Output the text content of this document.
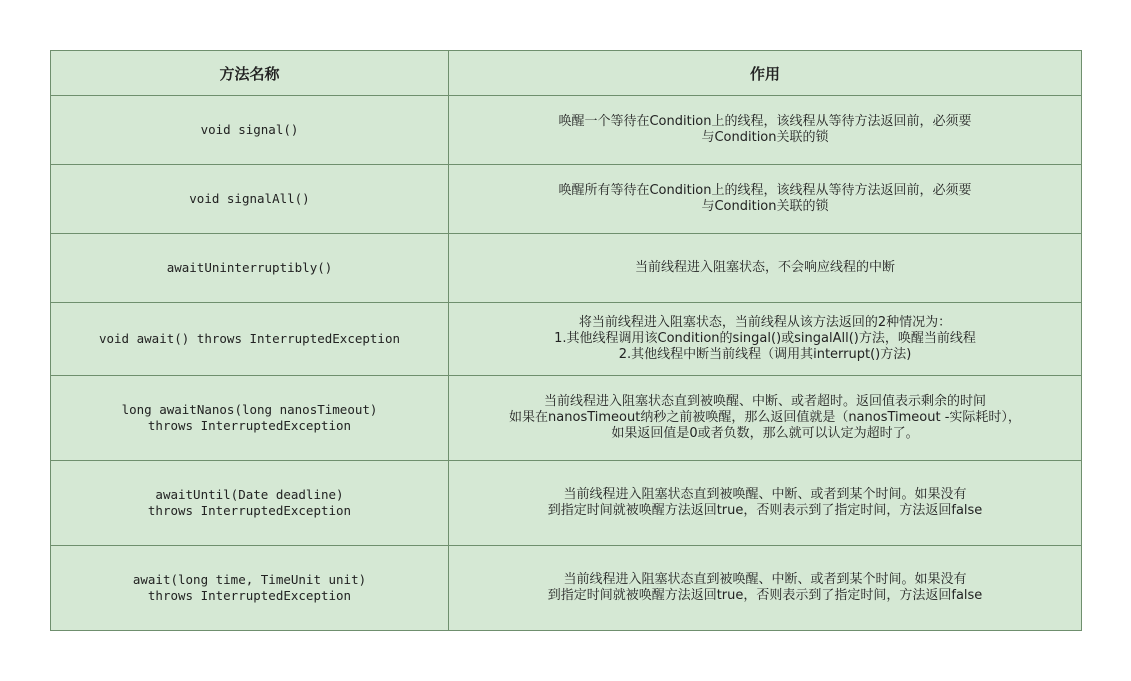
方法名称	作用

void signal()	唤醒一个等待在Condition上的线程，该线程从等待方法返回前，必须要
与Condition关联的锁

void signalAll()	唤醒所有等待在Condition上的线程，该线程从等待方法返回前，必须要
与Condition关联的锁

awaitUninterruptibly()	当前线程进入阻塞状态，不会响应线程的中断

void await() throws InterruptedException	将当前线程进入阻塞状态，当前线程从该方法返回的2种情况为：
1.其他线程调用该Condition的singal()或singalAll()方法，唤醒当前线程
2.其他线程中断当前线程（调用其interrupt()方法)

long awaitNanos(long nanosTimeout)
throws InterruptedException	当前线程进入阻塞状态直到被唤醒、中断、或者超时。返回值表示剩余的时间
如果在nanosTimeout纳秒之前被唤醒，那么返回值就是（nanosTimeout -实际耗时），
如果返回值是0或者负数，那么就可以认定为超时了。

awaitUntil(Date deadline)
throws InterruptedException	当前线程进入阻塞状态直到被唤醒、中断、或者到某个时间。如果没有
到指定时间就被唤醒方法返回true，否则表示到了指定时间，方法返回false

await(long time, TimeUnit unit)
throws InterruptedException	当前线程进入阻塞状态直到被唤醒、中断、或者到某个时间。如果没有
到指定时间就被唤醒方法返回true，否则表示到了指定时间，方法返回false
